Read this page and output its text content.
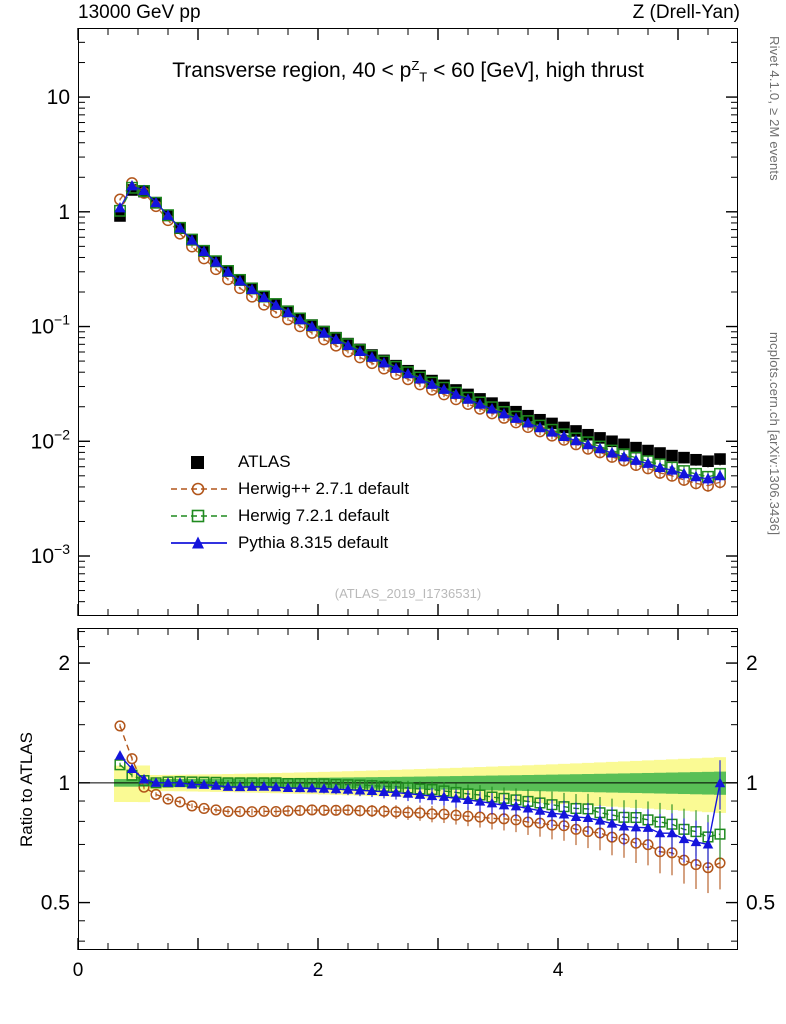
13000 GeV pp	Z (Drell-Yan)
Rivet 4.1.0, ≥ 2M events
mcplots.cern.ch [arXiv:1306.3436]
Transverse region, $40 < p^Z_T < 60$ [GeV], high thrust
(ATLAS_2019_I1736531)
Ratio to ATLAS
ATLAS
Herwig++ 2.7.1 default
Herwig 7.2.1 default
Pythia 8.315 default
10
1
$10^{-1}$
$10^{-2}$
$10^{-3}$
0	2	4
2	2
1	1
0.5	0.5
